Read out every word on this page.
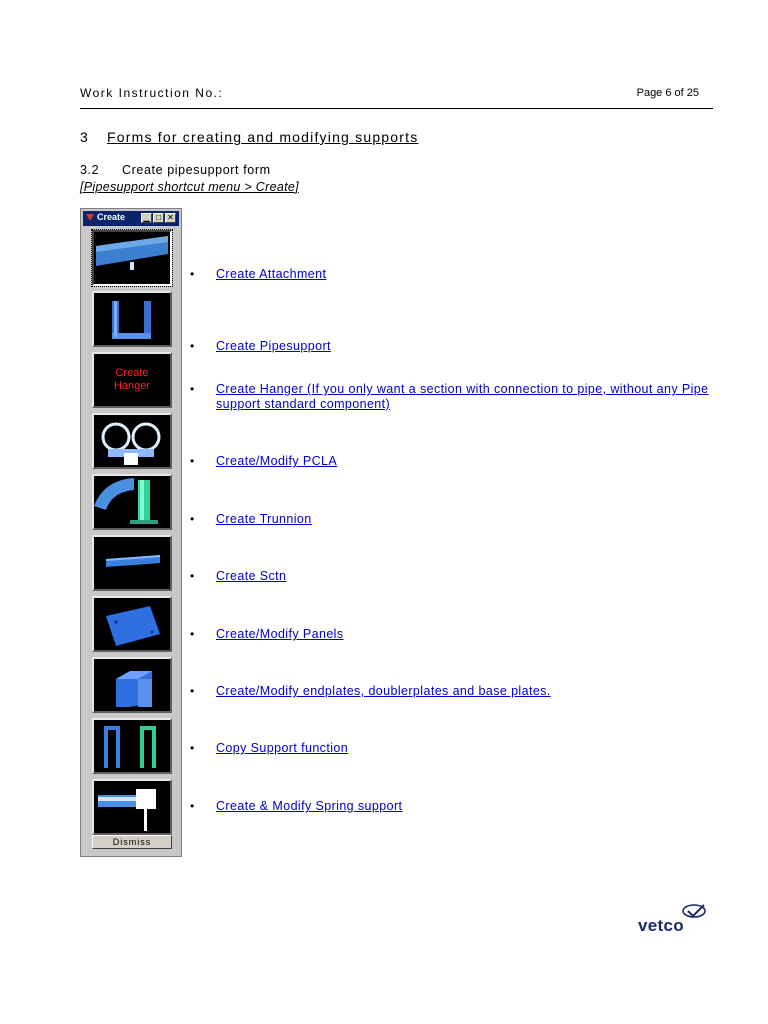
Work Instruction No.:	Page 6 of 25
3 Forms for creating and modifying supports
3.2 Create pipesupport form
[Pipesupport shortcut menu > Create]
Create	▁ □ ✕
Create
Hanger
Dismiss
• Create Attachment
• Create Pipesupport
• Create Hanger (If you only want a section with connection to pipe, without any Pipe support standard component)
• Create/Modify PCLA
• Create Trunnion
• Create Sctn
• Create/Modify Panels
• Create/Modify endplates, doublerplates and base plates.
• Copy Support function
• Create & Modify Spring support
vetco
